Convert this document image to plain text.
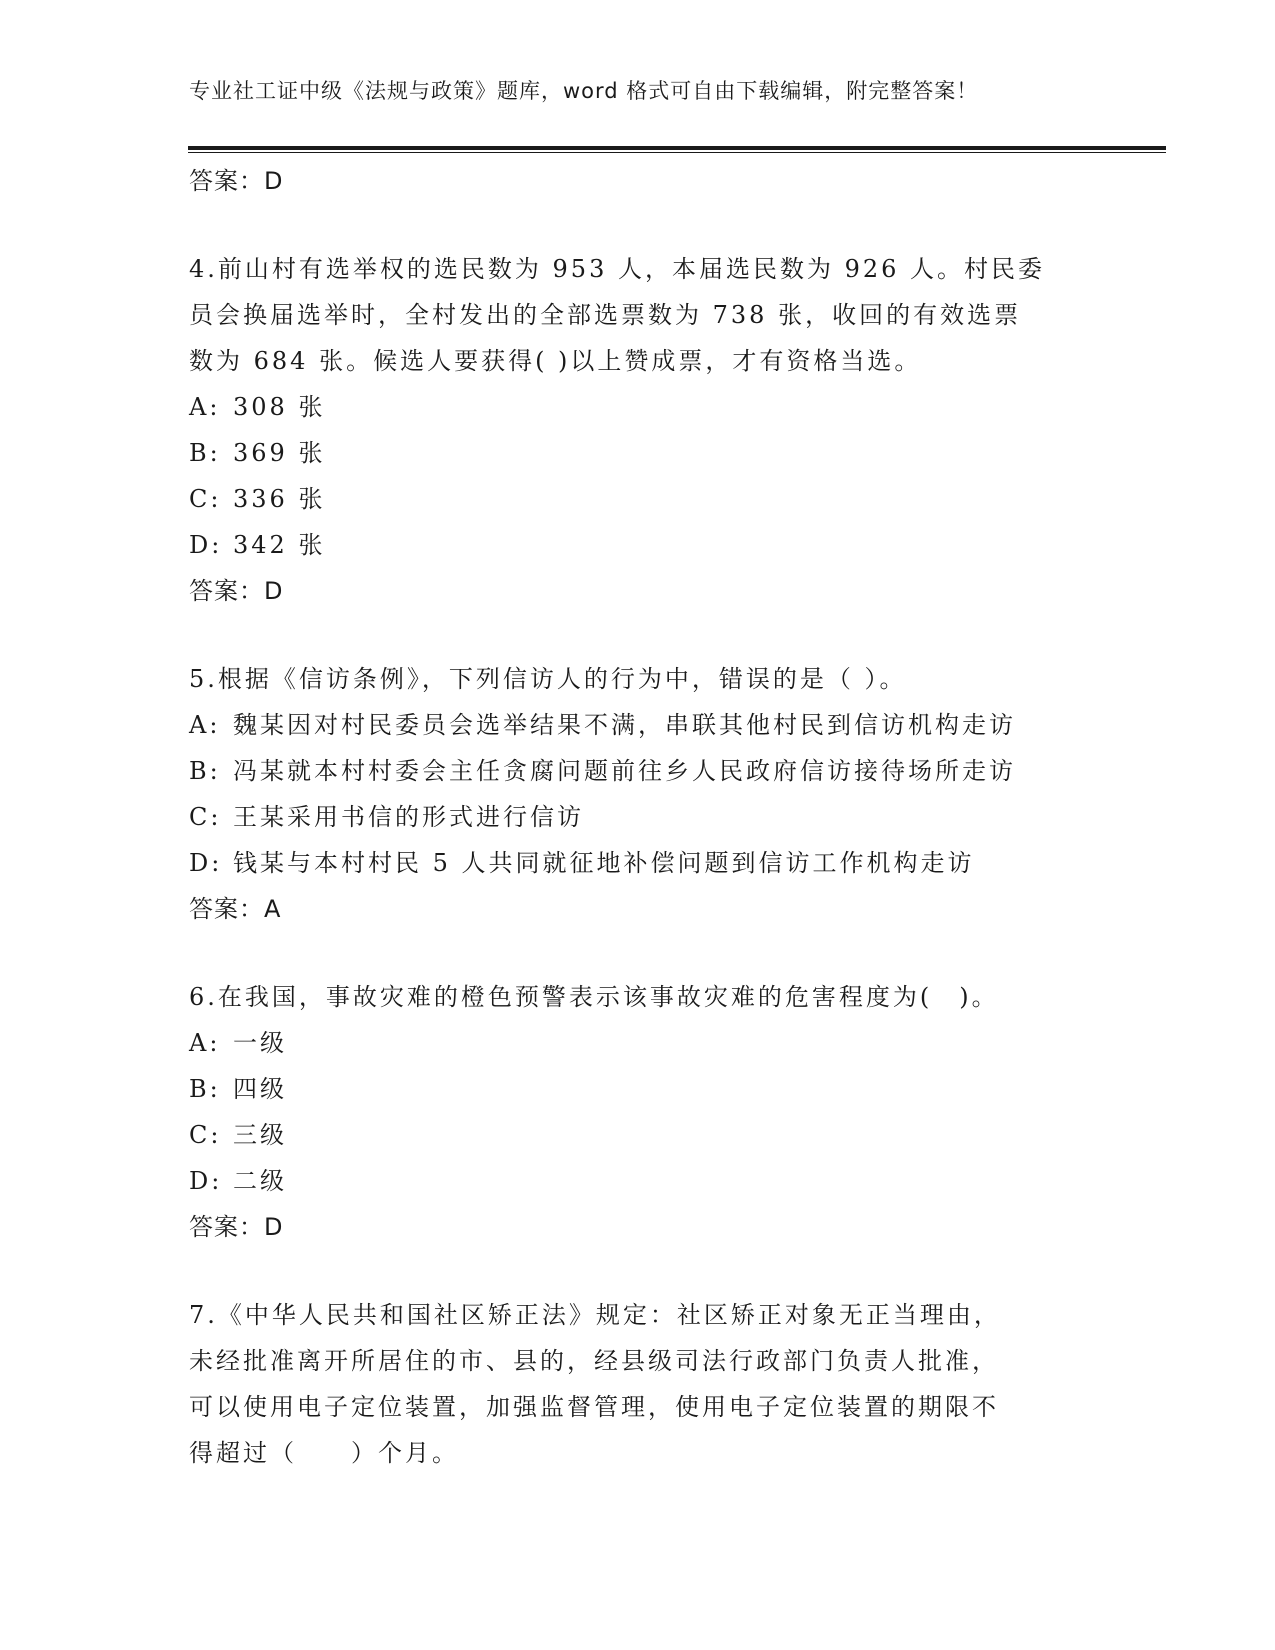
专业社工证中级《法规与政策》题库，word 格式可自由下载编辑，附完整答案！
答案：D
4.前山村有选举权的选民数为 953 人，本届选民数为 926 人。村民委
员会换届选举时，全村发出的全部选票数为 738 张，收回的有效选票
数为 684 张。候选人要获得( )以上赞成票，才有资格当选。
A: 308 张
B: 369 张
C: 336 张
D: 342 张
答案：D
5.根据《信访条例》，下列信访人的行为中，错误的是（ ）。
A: 魏某因对村民委员会选举结果不满，串联其他村民到信访机构走访
B: 冯某就本村村委会主任贪腐问题前往乡人民政府信访接待场所走访
C: 王某采用书信的形式进行信访
D: 钱某与本村村民 5 人共同就征地补偿问题到信访工作机构走访
答案：A
6.在我国，事故灾难的橙色预警表示该事故灾难的危害程度为(　)。
A: 一级
B: 四级
C: 三级
D: 二级
答案：D
7.《中华人民共和国社区矫正法》规定：社区矫正对象无正当理由，
未经批准离开所居住的市、县的，经县级司法行政部门负责人批准，
可以使用电子定位装置，加强监督管理，使用电子定位装置的期限不
得超过（　　）个月。
